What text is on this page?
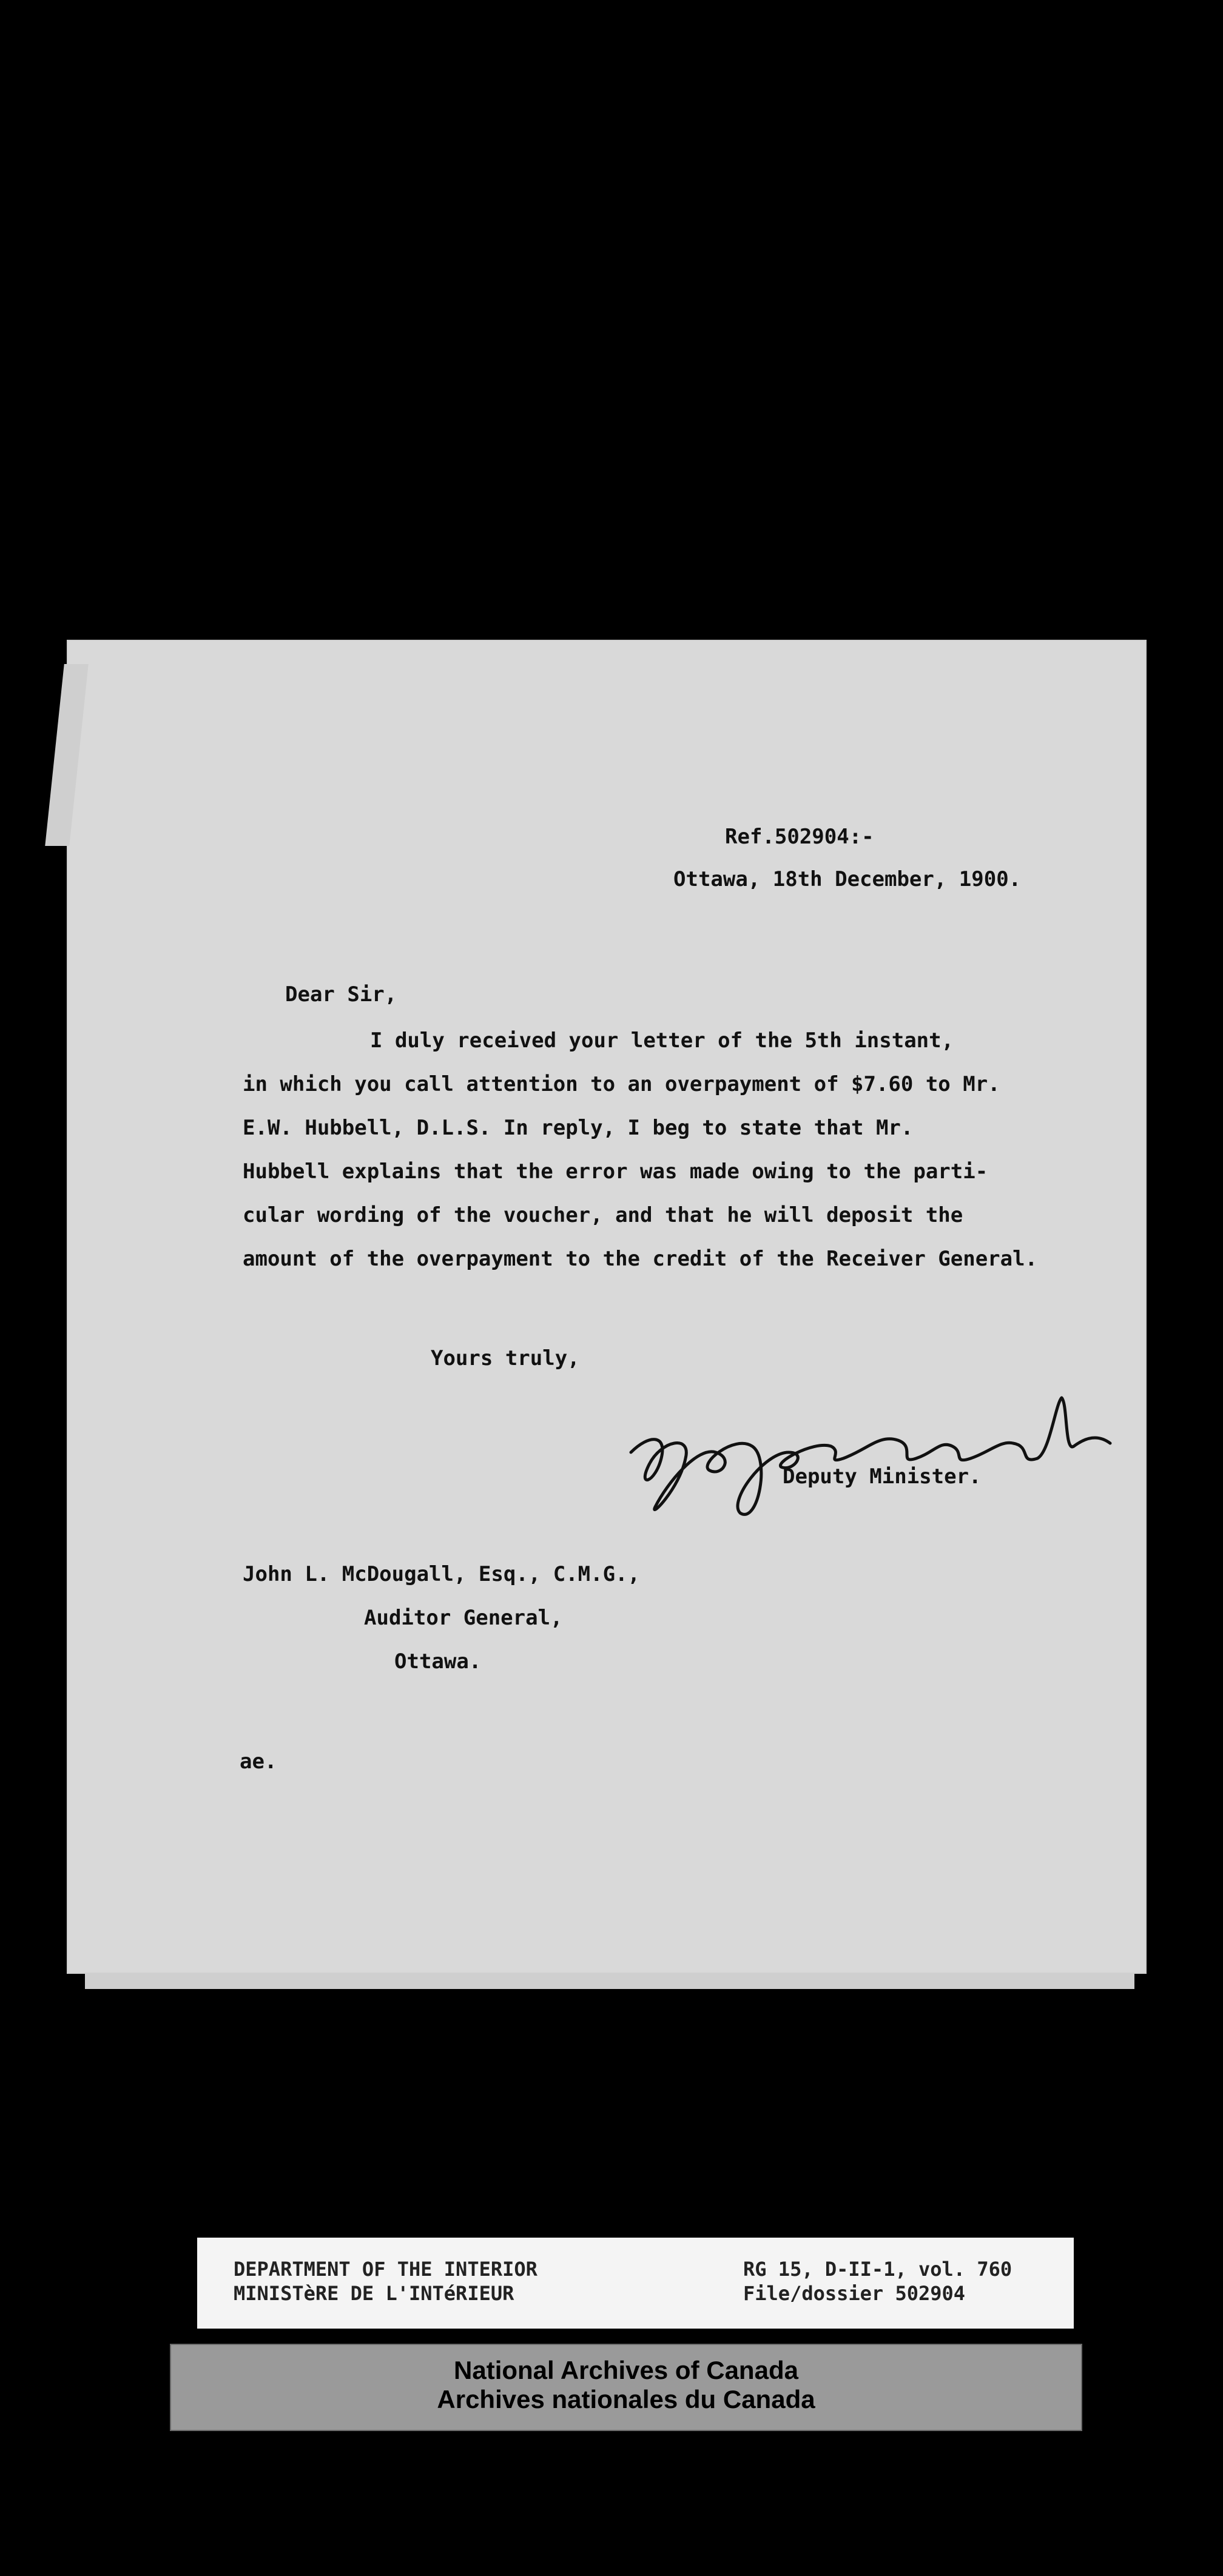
Ref.502904:-
Ottawa, 18th December, 1900.
Dear Sir,
I duly received your letter of the 5th instant,
in which you call attention to an overpayment of $7.60 to Mr.
E.W. Hubbell, D.L.S. In reply, I beg to state that Mr.
Hubbell explains that the error was made owing to the parti-
cular wording of the voucher, and that he will deposit the
amount of the overpayment to the credit of the Receiver General.
Yours truly,
Deputy Minister.
John L. McDougall, Esq., C.M.G.,
Auditor General,
Ottawa.
ae.
DEPARTMENT OF THE INTERIOR
MINISTèRE DE L'INTéRIEUR
RG 15, D-II-1, vol. 760
File/dossier 502904
National Archives of Canada
Archives nationales du Canada
